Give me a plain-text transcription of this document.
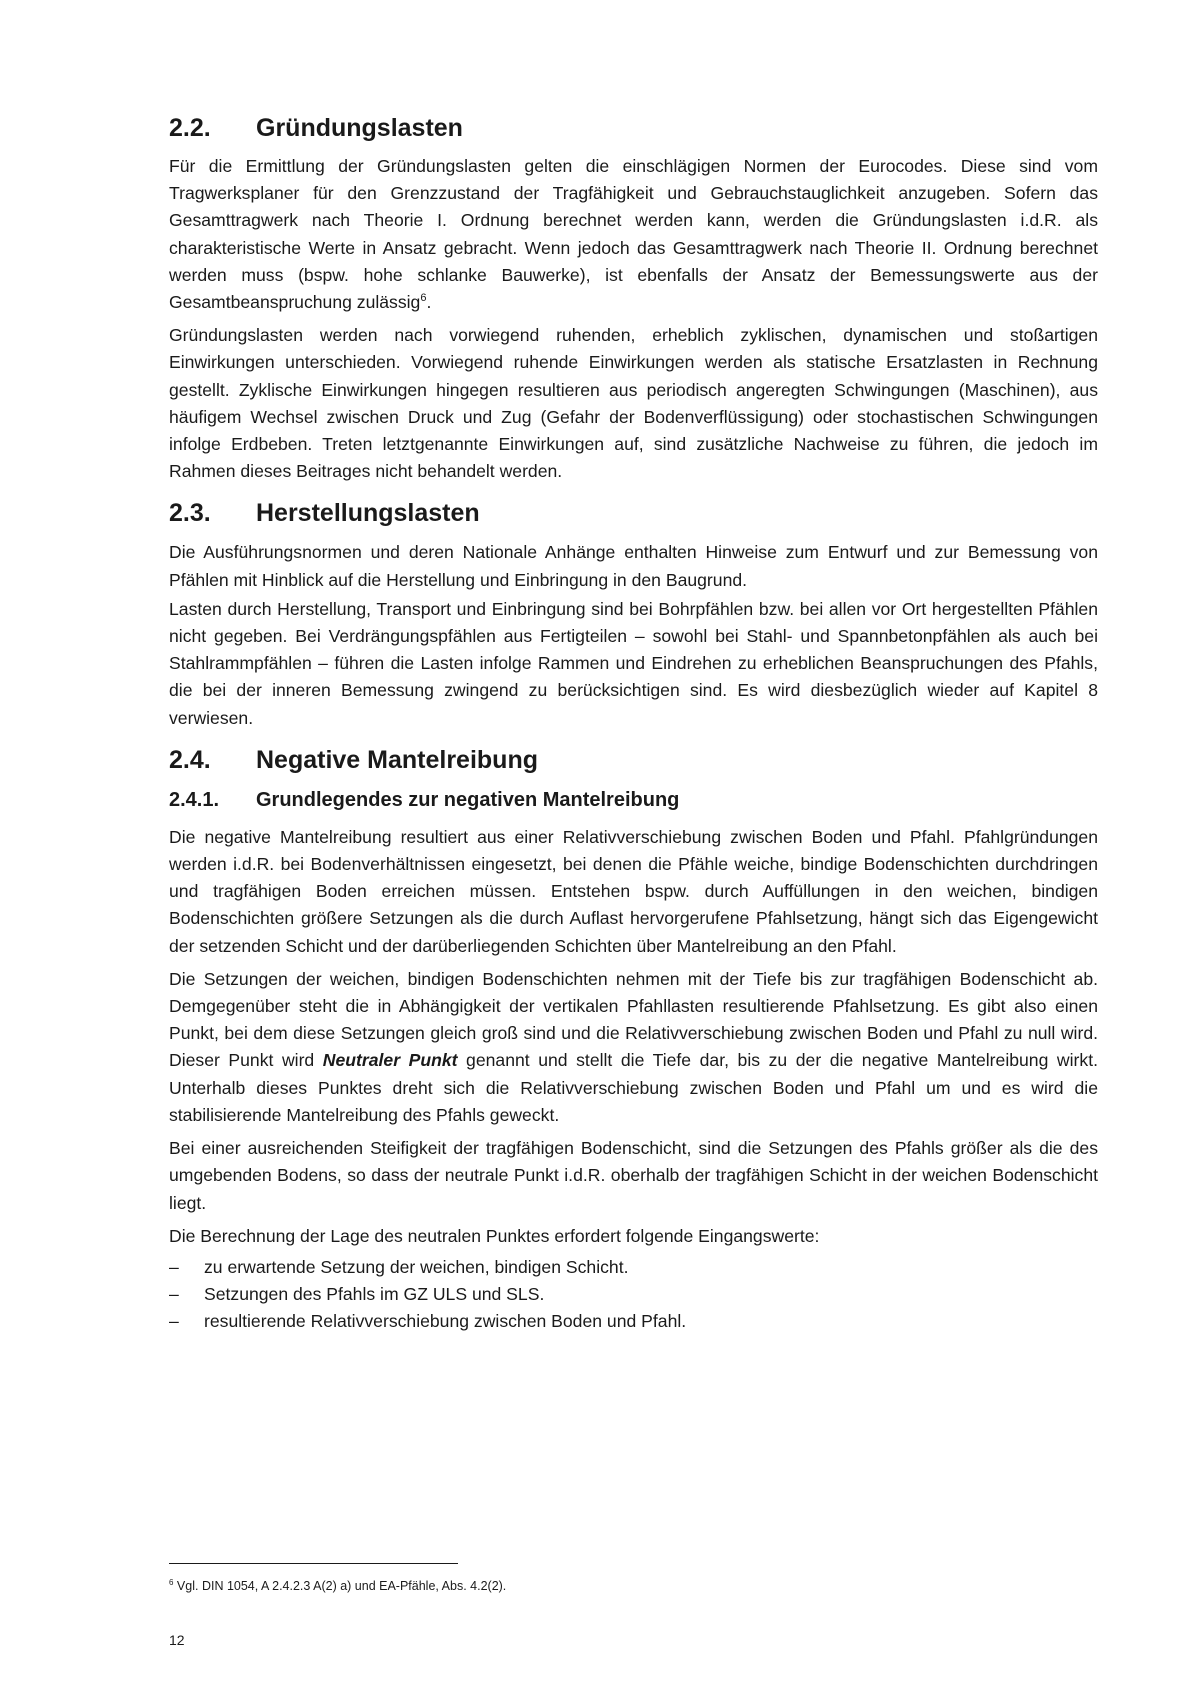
2.2.	Gründungslasten

Für die Ermittlung der Gründungslasten gelten die einschlägigen Normen der Eurocodes. Diese sind vom Tragwerksplaner für den Grenzzustand der Tragfähigkeit und Gebrauchstauglichkeit anzugeben. Sofern das Gesamttragwerk nach Theorie I. Ordnung berechnet werden kann, werden die Gründungslasten i.d.R. als charakteristische Werte in Ansatz gebracht. Wenn jedoch das Gesamttragwerk nach Theorie II. Ordnung berechnet werden muss (bspw. hohe schlanke Bauwerke), ist ebenfalls der Ansatz der Bemessungswerte aus der Gesamtbeanspruchung zulässig$^6$.

Gründungslasten werden nach vorwiegend ruhenden, erheblich zyklischen, dynamischen und stoßartigen Einwirkungen unterschieden. Vorwiegend ruhende Einwirkungen werden als statische Ersatzlasten in Rechnung gestellt. Zyklische Einwirkungen hingegen resultieren aus periodisch angeregten Schwingungen (Maschinen), aus häufigem Wechsel zwischen Druck und Zug (Gefahr der Bodenverflüssigung) oder stochastischen Schwingungen infolge Erdbeben. Treten letztgenannte Einwirkungen auf, sind zusätzliche Nachweise zu führen, die jedoch im Rahmen dieses Beitrages nicht behandelt werden.

2.3.	Herstellungslasten

Die Ausführungsnormen und deren Nationale Anhänge enthalten Hinweise zum Entwurf und zur Bemessung von Pfählen mit Hinblick auf die Herstellung und Einbringung in den Baugrund.

Lasten durch Herstellung, Transport und Einbringung sind bei Bohrpfählen bzw. bei allen vor Ort hergestellten Pfählen nicht gegeben. Bei Verdrängungspfählen aus Fertigteilen – sowohl bei Stahl- und Spannbetonpfählen als auch bei Stahlrammpfählen – führen die Lasten infolge Rammen und Eindrehen zu erheblichen Beanspruchungen des Pfahls, die bei der inneren Bemessung zwingend zu berücksichtigen sind. Es wird diesbezüglich wieder auf Kapitel 8 verwiesen.

2.4.	Negative Mantelreibung
2.4.1.	Grundlegendes zur negativen Mantelreibung

Die negative Mantelreibung resultiert aus einer Relativverschiebung zwischen Boden und Pfahl. Pfahlgründungen werden i.d.R. bei Bodenverhältnissen eingesetzt, bei denen die Pfähle weiche, bindige Bodenschichten durchdringen und tragfähigen Boden erreichen müssen. Entstehen bspw. durch Auffüllungen in den weichen, bindigen Bodenschichten größere Setzungen als die durch Auflast hervorgerufene Pfahlsetzung, hängt sich das Eigengewicht der setzenden Schicht und der darüberliegenden Schichten über Mantelreibung an den Pfahl.

Die Setzungen der weichen, bindigen Bodenschichten nehmen mit der Tiefe bis zur tragfähigen Bodenschicht ab. Demgegenüber steht die in Abhängigkeit der vertikalen Pfahllasten resultierende Pfahlsetzung. Es gibt also einen Punkt, bei dem diese Setzungen gleich groß sind und die Relativverschiebung zwischen Boden und Pfahl zu null wird. Dieser Punkt wird Neutraler Punkt genannt und stellt die Tiefe dar, bis zu der die negative Mantelreibung wirkt. Unterhalb dieses Punktes dreht sich die Relativverschiebung zwischen Boden und Pfahl um und es wird die stabilisierende Mantelreibung des Pfahls geweckt.

Bei einer ausreichenden Steifigkeit der tragfähigen Bodenschicht, sind die Setzungen des Pfahls größer als die des umgebenden Bodens, so dass der neutrale Punkt i.d.R. oberhalb der tragfähigen Schicht in der weichen Bodenschicht liegt.

Die Berechnung der Lage des neutralen Punktes erfordert folgende Eingangswerte:

–	zu erwartende Setzung der weichen, bindigen Schicht.
–	Setzungen des Pfahls im GZ ULS und SLS.
–	resultierende Relativverschiebung zwischen Boden und Pfahl.
$^6$ Vgl. DIN 1054, A 2.4.2.3 A(2) a) und EA-Pfähle, Abs. 4.2(2).
12
